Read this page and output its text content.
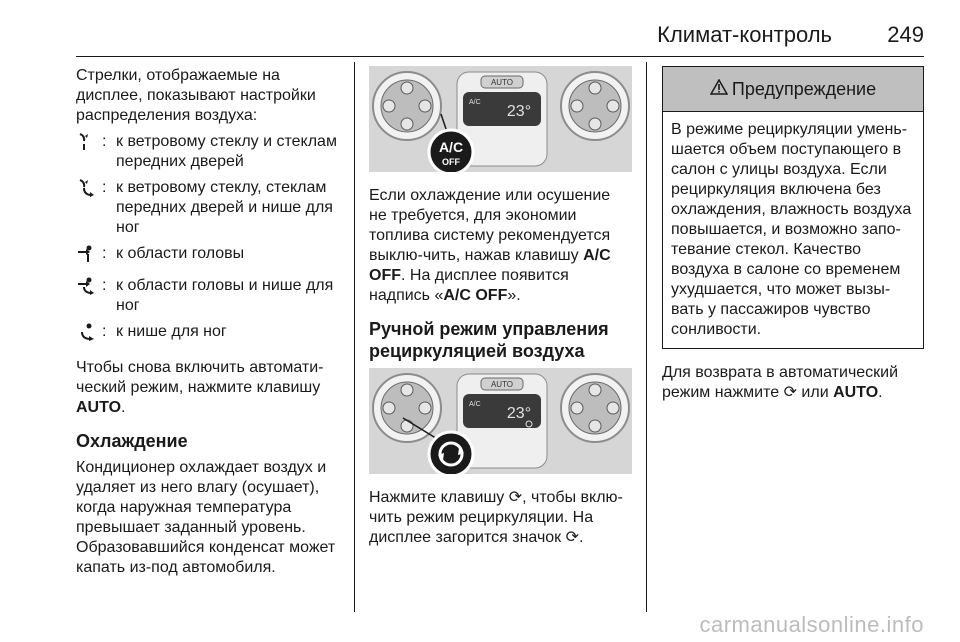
Климат-контроль	249

Стрелки, отображаемые на дисплее, показывают настройки распределения воздуха:

: к ветровому стеклу и стеклам передних дверей
: к ветровому стеклу, стеклам передних дверей и нише для ног
: к области головы
: к области головы и нише для ног
: к нише для ног

Чтобы снова включить автомати-ческий режим, нажмите клавишу AUTO.

Охлаждение

Кондиционер охлаждает воздух и удаляет из него влагу (осушает), когда наружная температура превышает заданный уровень. Образовавшийся конденсат может капать из-под автомобиля.

AUTO
A/C
23°
A/C
OFF

Если охлаждение или осушение не требуется, для экономии топлива систему рекомендуется выклю-чить, нажав клавишу A/C OFF. На дисплее появится надпись «A/C OFF».

Ручной режим управления рециркуляцией воздуха
AUTO
A/C
23°

Нажмите клавишу ⟳, чтобы вклю-чить режим рециркуляции. На дисплее загорится значок ⟳.

Предупреждение
В режиме рециркуляции умень-шается объем поступающего в салон с улицы воздуха. Если рециркуляция включена без охлаждения, влажность воздуха повышается, и возможно запо-тевание стекол. Качество воздуха в салоне со временем ухудшается, что может вызы-вать у пассажиров чувство сонливости.

Для возврата в автоматический режим нажмите ⟳ или AUTO.

carmanualsonline.info
